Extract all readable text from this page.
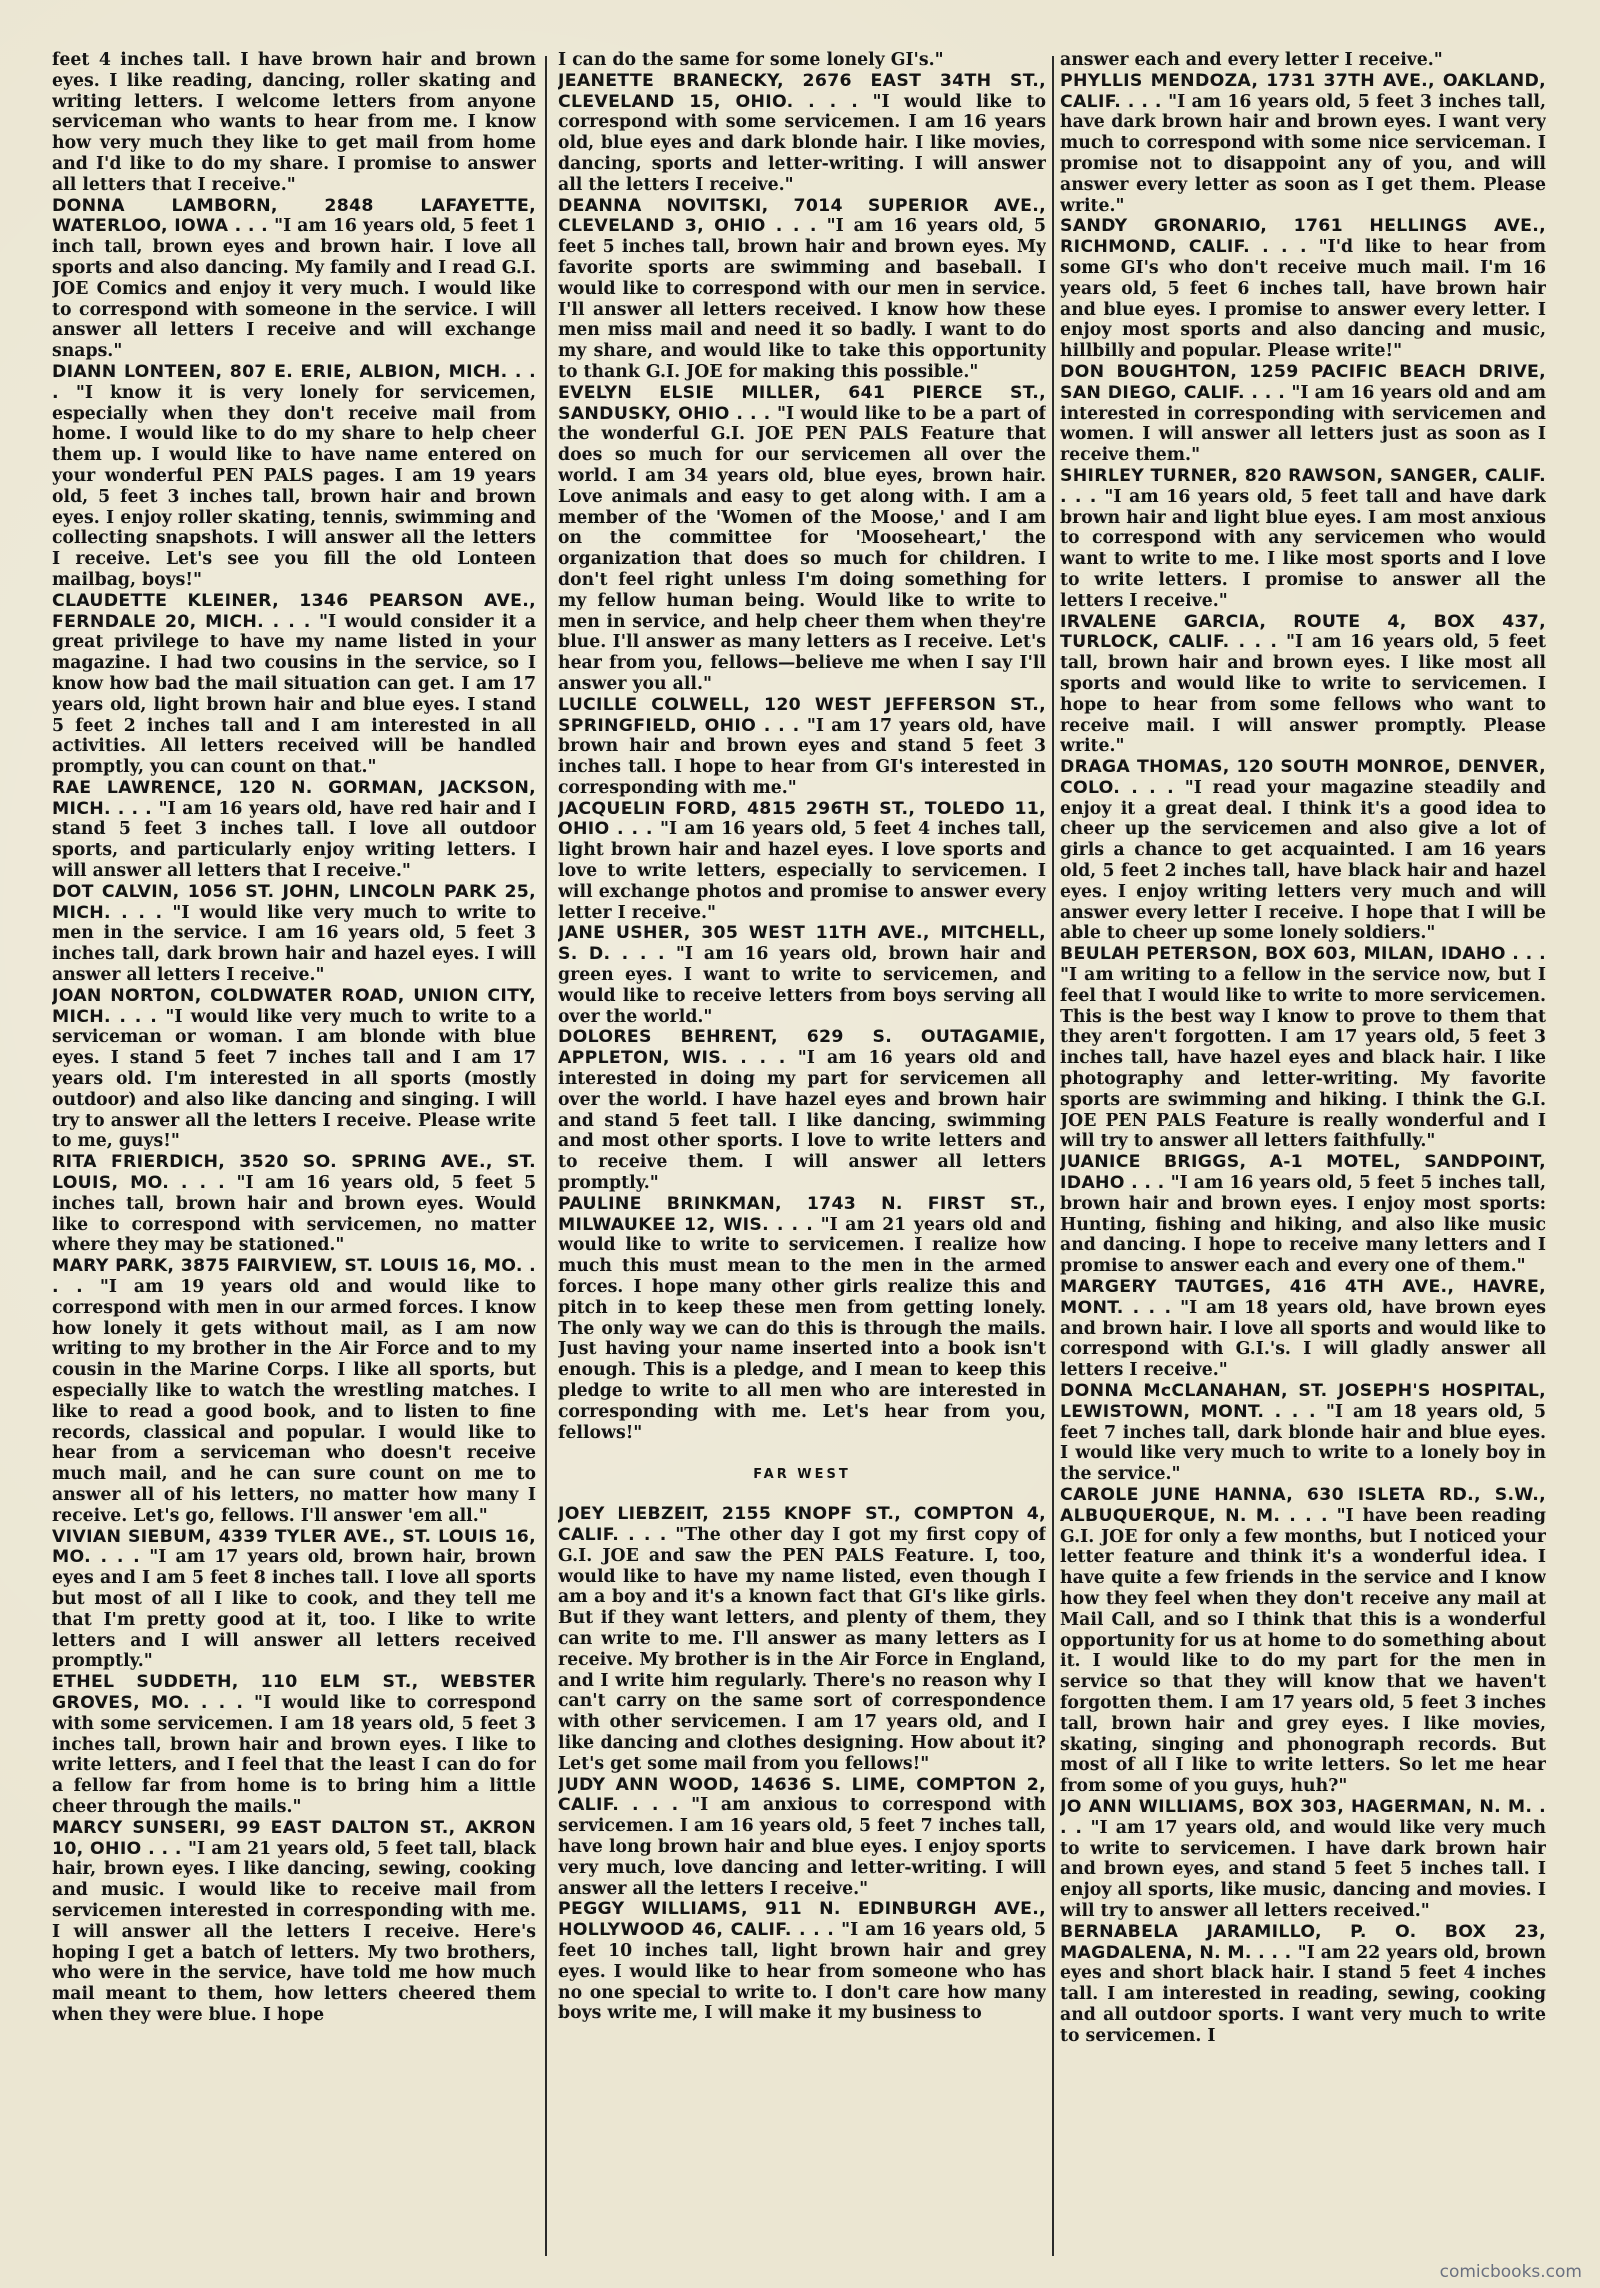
feet 4 inches tall. I have brown hair and brown eyes. I like reading, dancing, roller skating and writing letters. I welcome letters from anyone serviceman who wants to hear from me. I know how very much they like to get mail from home and I'd like to do my share. I promise to answer all letters that I receive."

DONNA LAMBORN, 2848 LAFAYETTE, WATERLOO, IOWA . . . "I am 16 years old, 5 feet 1 inch tall, brown eyes and brown hair. I love all sports and also dancing. My family and I read G.I. JOE Comics and enjoy it very much. I would like to correspond with someone in the service. I will answer all letters I receive and will exchange snaps."

DIANN LONTEEN, 807 E. ERIE, ALBION, MICH. . . . "I know it is very lonely for servicemen, especially when they don't receive mail from home. I would like to do my share to help cheer them up. I would like to have name entered on your wonderful PEN PALS pages. I am 19 years old, 5 feet 3 inches tall, brown hair and brown eyes. I enjoy roller skating, tennis, swimming and collecting snapshots. I will answer all the letters I receive. Let's see you fill the old Lonteen mailbag, boys!"

CLAUDETTE KLEINER, 1346 PEARSON AVE., FERNDALE 20, MICH. . . . "I would consider it a great privilege to have my name listed in your magazine. I had two cousins in the service, so I know how bad the mail situation can get. I am 17 years old, light brown hair and blue eyes. I stand 5 feet 2 inches tall and I am interested in all activities. All letters received will be handled promptly, you can count on that."

RAE LAWRENCE, 120 N. GORMAN, JACKSON, MICH. . . . "I am 16 years old, have red hair and I stand 5 feet 3 inches tall. I love all outdoor sports, and particularly enjoy writing letters. I will answer all letters that I receive."

DOT CALVIN, 1056 ST. JOHN, LINCOLN PARK 25, MICH. . . . "I would like very much to write to men in the service. I am 16 years old, 5 feet 3 inches tall, dark brown hair and hazel eyes. I will answer all letters I receive."

JOAN NORTON, COLDWATER ROAD, UNION CITY, MICH. . . . "I would like very much to write to a serviceman or woman. I am blonde with blue eyes. I stand 5 feet 7 inches tall and I am 17 years old. I'm interested in all sports (mostly outdoor) and also like dancing and singing. I will try to answer all the letters I receive. Please write to me, guys!"

RITA FRIERDICH, 3520 SO. SPRING AVE., ST. LOUIS, MO. . . . "I am 16 years old, 5 feet 5 inches tall, brown hair and brown eyes. Would like to correspond with servicemen, no matter where they may be stationed."

MARY PARK, 3875 FAIRVIEW, ST. LOUIS 16, MO. . . . "I am 19 years old and would like to correspond with men in our armed forces. I know how lonely it gets without mail, as I am now writing to my brother in the Air Force and to my cousin in the Marine Corps. I like all sports, but especially like to watch the wrestling matches. I like to read a good book, and to listen to fine records, classical and popular. I would like to hear from a serviceman who doesn't receive much mail, and he can sure count on me to answer all of his letters, no matter how many I receive. Let's go, fellows. I'll answer 'em all."

VIVIAN SIEBUM, 4339 TYLER AVE., ST. LOUIS 16, MO. . . . "I am 17 years old, brown hair, brown eyes and I am 5 feet 8 inches tall. I love all sports but most of all I like to cook, and they tell me that I'm pretty good at it, too. I like to write letters and I will answer all letters received promptly."

ETHEL SUDDETH, 110 ELM ST., WEBSTER GROVES, MO. . . . "I would like to correspond with some servicemen. I am 18 years old, 5 feet 3 inches tall, brown hair and brown eyes. I like to write letters, and I feel that the least I can do for a fellow far from home is to bring him a little cheer through the mails."

MARCY SUNSERI, 99 EAST DALTON ST., AKRON 10, OHIO . . . "I am 21 years old, 5 feet tall, black hair, brown eyes. I like dancing, sewing, cooking and music. I would like to receive mail from servicemen interested in corresponding with me. I will answer all the letters I receive. Here's hoping I get a batch of letters. My two brothers, who were in the service, have told me how much mail meant to them, how letters cheered them when they were blue. I hope

I can do the same for some lonely GI's."

JEANETTE BRANECKY, 2676 EAST 34TH ST., CLEVELAND 15, OHIO. . . . "I would like to correspond with some servicemen. I am 16 years old, blue eyes and dark blonde hair. I like movies, dancing, sports and letter-writing. I will answer all the letters I receive."

DEANNA NOVITSKI, 7014 SUPERIOR AVE., CLEVELAND 3, OHIO . . . "I am 16 years old, 5 feet 5 inches tall, brown hair and brown eyes. My favorite sports are swimming and baseball. I would like to correspond with our men in service. I'll answer all letters received. I know how these men miss mail and need it so badly. I want to do my share, and would like to take this opportunity to thank G.I. JOE for making this possible."

EVELYN ELSIE MILLER, 641 PIERCE ST., SANDUSKY, OHIO . . . "I would like to be a part of the wonderful G.I. JOE PEN PALS Feature that does so much for our servicemen all over the world. I am 34 years old, blue eyes, brown hair. Love animals and easy to get along with. I am a member of the 'Women of the Moose,' and I am on the committee for 'Mooseheart,' the organization that does so much for children. I don't feel right unless I'm doing something for my fellow human being. Would like to write to men in service, and help cheer them when they're blue. I'll answer as many letters as I receive. Let's hear from you, fellows—believe me when I say I'll answer you all."

LUCILLE COLWELL, 120 WEST JEFFERSON ST., SPRINGFIELD, OHIO . . . "I am 17 years old, have brown hair and brown eyes and stand 5 feet 3 inches tall. I hope to hear from GI's interested in corresponding with me."

JACQUELIN FORD, 4815 296TH ST., TOLEDO 11, OHIO . . . "I am 16 years old, 5 feet 4 inches tall, light brown hair and hazel eyes. I love sports and love to write letters, especially to servicemen. I will exchange photos and promise to answer every letter I receive."

JANE USHER, 305 WEST 11TH AVE., MITCHELL, S. D. . . . "I am 16 years old, brown hair and green eyes. I want to write to servicemen, and would like to receive letters from boys serving all over the world."

DOLORES BEHRENT, 629 S. OUTAGAMIE, APPLETON, WIS. . . . "I am 16 years old and interested in doing my part for servicemen all over the world. I have hazel eyes and brown hair and stand 5 feet tall. I like dancing, swimming and most other sports. I love to write letters and to receive them. I will answer all letters promptly."

PAULINE BRINKMAN, 1743 N. FIRST ST., MILWAUKEE 12, WIS. . . . "I am 21 years old and would like to write to servicemen. I realize how much this must mean to the men in the armed forces. I hope many other girls realize this and pitch in to keep these men from getting lonely. The only way we can do this is through the mails. Just having your name inserted into a book isn't enough. This is a pledge, and I mean to keep this pledge to write to all men who are interested in corresponding with me. Let's hear from you, fellows!"

FAR WEST

JOEY LIEBZEIT, 2155 KNOPF ST., COMPTON 4, CALIF. . . . "The other day I got my first copy of G.I. JOE and saw the PEN PALS Feature. I, too, would like to have my name listed, even though I am a boy and it's a known fact that GI's like girls. But if they want letters, and plenty of them, they can write to me. I'll answer as many letters as I receive. My brother is in the Air Force in England, and I write him regularly. There's no reason why I can't carry on the same sort of correspondence with other servicemen. I am 17 years old, and I like dancing and clothes designing. How about it? Let's get some mail from you fellows!"

JUDY ANN WOOD, 14636 S. LIME, COMPTON 2, CALIF. . . . "I am anxious to correspond with servicemen. I am 16 years old, 5 feet 7 inches tall, have long brown hair and blue eyes. I enjoy sports very much, love dancing and letter-writing. I will answer all the letters I receive."

PEGGY WILLIAMS, 911 N. EDINBURGH AVE., HOLLYWOOD 46, CALIF. . . . "I am 16 years old, 5 feet 10 inches tall, light brown hair and grey eyes. I would like to hear from someone who has no one special to write to. I don't care how many boys write me, I will make it my business to

answer each and every letter I receive."

PHYLLIS MENDOZA, 1731 37TH AVE., OAKLAND, CALIF. . . . "I am 16 years old, 5 feet 3 inches tall, have dark brown hair and brown eyes. I want very much to correspond with some nice serviceman. I promise not to disappoint any of you, and will answer every letter as soon as I get them. Please write."

SANDY GRONARIO, 1761 HELLINGS AVE., RICHMOND, CALIF. . . . "I'd like to hear from some GI's who don't receive much mail. I'm 16 years old, 5 feet 6 inches tall, have brown hair and blue eyes. I promise to answer every letter. I enjoy most sports and also dancing and music, hillbilly and popular. Please write!"

DON BOUGHTON, 1259 PACIFIC BEACH DRIVE, SAN DIEGO, CALIF. . . . "I am 16 years old and am interested in corresponding with servicemen and women. I will answer all letters just as soon as I receive them."

SHIRLEY TURNER, 820 RAWSON, SANGER, CALIF. . . . "I am 16 years old, 5 feet tall and have dark brown hair and light blue eyes. I am most anxious to correspond with any servicemen who would want to write to me. I like most sports and I love to write letters. I promise to answer all the letters I receive."

IRVALENE GARCIA, ROUTE 4, BOX 437, TURLOCK, CALIF. . . . "I am 16 years old, 5 feet tall, brown hair and brown eyes. I like most all sports and would like to write to servicemen. I hope to hear from some fellows who want to receive mail. I will answer promptly. Please write."

DRAGA THOMAS, 120 SOUTH MONROE, DENVER, COLO. . . . "I read your magazine steadily and enjoy it a great deal. I think it's a good idea to cheer up the servicemen and also give a lot of girls a chance to get acquainted. I am 16 years old, 5 feet 2 inches tall, have black hair and hazel eyes. I enjoy writing letters very much and will answer every letter I receive. I hope that I will be able to cheer up some lonely soldiers."

BEULAH PETERSON, BOX 603, MILAN, IDAHO . . . "I am writing to a fellow in the service now, but I feel that I would like to write to more servicemen. This is the best way I know to prove to them that they aren't forgotten. I am 17 years old, 5 feet 3 inches tall, have hazel eyes and black hair. I like photography and letter-writing. My favorite sports are swimming and hiking. I think the G.I. JOE PEN PALS Feature is really wonderful and I will try to answer all letters faithfully."

JUANICE BRIGGS, A-1 MOTEL, SANDPOINT, IDAHO . . . "I am 16 years old, 5 feet 5 inches tall, brown hair and brown eyes. I enjoy most sports: Hunting, fishing and hiking, and also like music and dancing. I hope to receive many letters and I promise to answer each and every one of them."

MARGERY TAUTGES, 416 4TH AVE., HAVRE, MONT. . . . "I am 18 years old, have brown eyes and brown hair. I love all sports and would like to correspond with G.I.'s. I will gladly answer all letters I receive."

DONNA McCLANAHAN, ST. JOSEPH'S HOSPITAL, LEWISTOWN, MONT. . . . "I am 18 years old, 5 feet 7 inches tall, dark blonde hair and blue eyes. I would like very much to write to a lonely boy in the service."

CAROLE JUNE HANNA, 630 ISLETA RD., S.W., ALBUQUERQUE, N. M. . . . "I have been reading G.I. JOE for only a few months, but I noticed your letter feature and think it's a wonderful idea. I have quite a few friends in the service and I know how they feel when they don't receive any mail at Mail Call, and so I think that this is a wonderful opportunity for us at home to do something about it. I would like to do my part for the men in service so that they will know that we haven't forgotten them. I am 17 years old, 5 feet 3 inches tall, brown hair and grey eyes. I like movies, skating, singing and phonograph records. But most of all I like to write letters. So let me hear from some of you guys, huh?"

JO ANN WILLIAMS, BOX 303, HAGERMAN, N. M. . . . "I am 17 years old, and would like very much to write to servicemen. I have dark brown hair and brown eyes, and stand 5 feet 5 inches tall. I enjoy all sports, like music, dancing and movies. I will try to answer all letters received."

BERNABELA JARAMILLO, P. O. BOX 23, MAGDALENA, N. M. . . . "I am 22 years old, brown eyes and short black hair. I stand 5 feet 4 inches tall. I am interested in reading, sewing, cooking and all outdoor sports. I want very much to write to servicemen. I

comicbooks.com
